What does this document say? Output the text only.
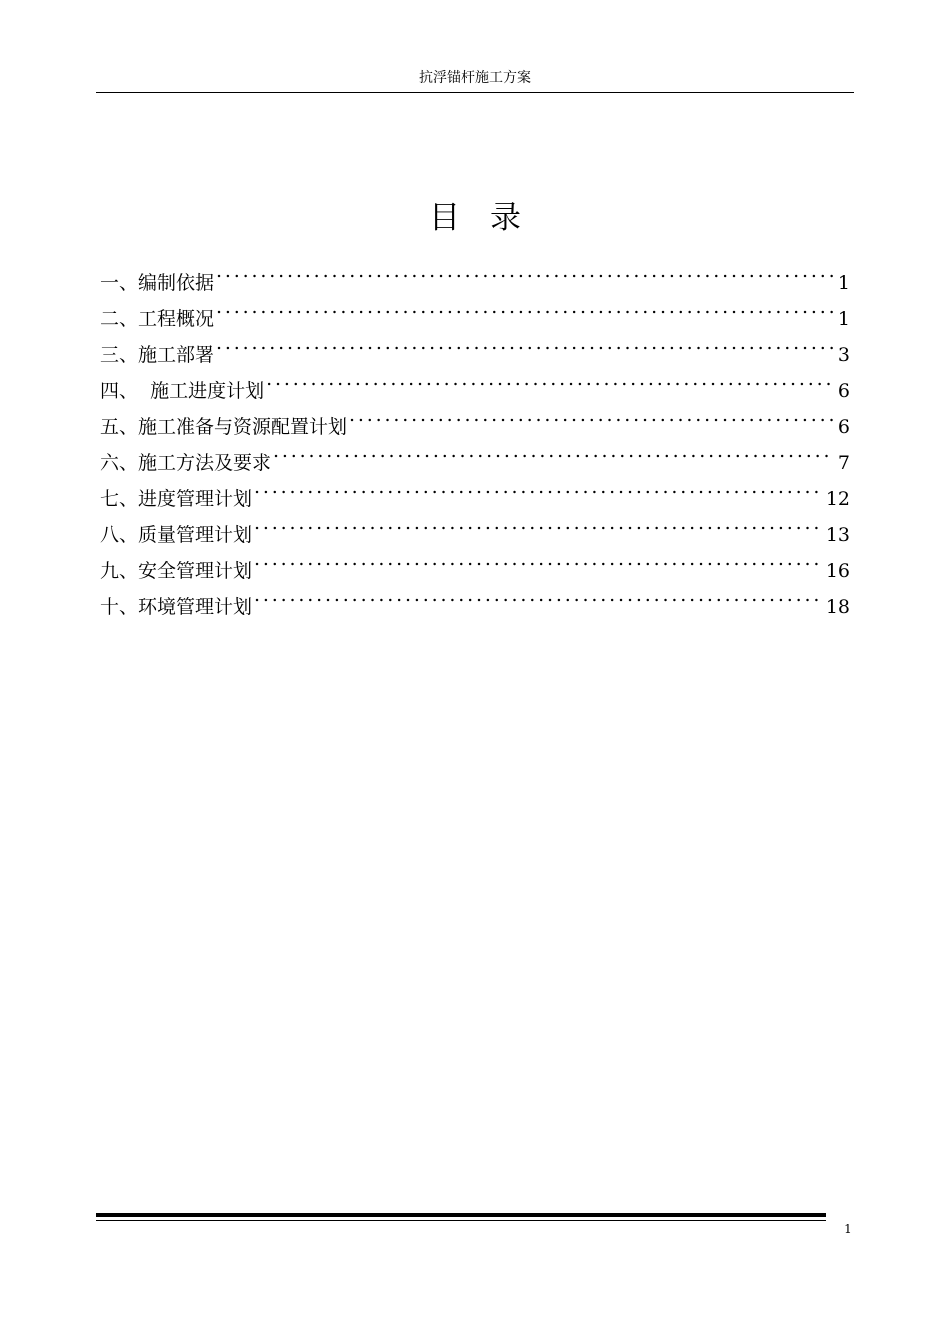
抗浮锚杆施工方案
目录
一、编制依据 . . .	1
二、工程概况 . . .	1
三、施工部署 . . .	3
四、  施工进度计划 . . .	6
五、施工准备与资源配置计划 . . .	6
六、施工方法及要求 . . .	7
七、进度管理计划 . . .	12
八、质量管理计划 . . .	13
九、安全管理计划 . . .	16
十、环境管理计划 . . .	18
1
